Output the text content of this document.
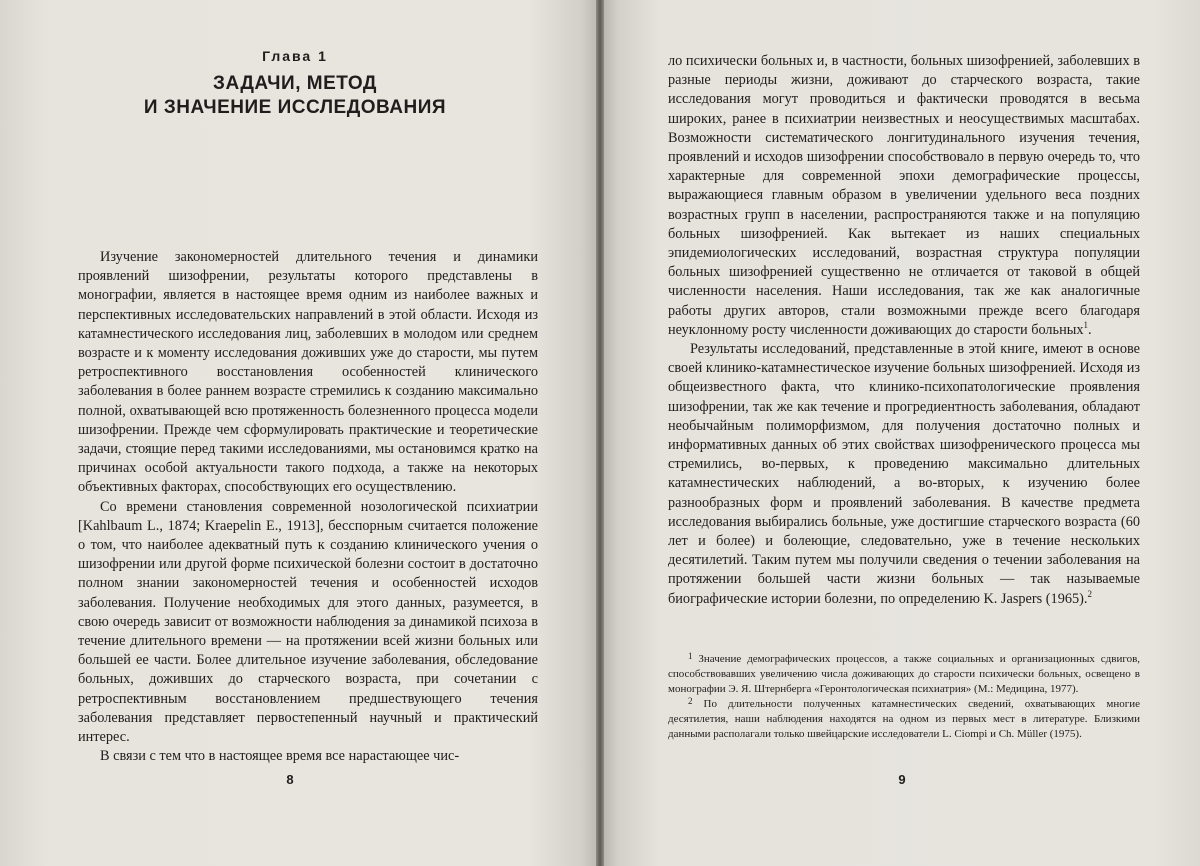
Глава 1
ЗАДАЧИ, МЕТОД
И ЗНАЧЕНИЕ ИССЛЕДОВАНИЯ

Изучение закономерностей длительного течения и динамики проявлений шизофрении, результаты которого представлены в монографии, является в настоящее время одним из наиболее важных и перспективных исследовательских направлений в этой области. Исходя из катамнестического исследования лиц, заболевших в молодом или среднем возрасте и к моменту исследования доживших уже до старости, мы путем ретроспективного восстановления особенностей клинического заболевания в более раннем возрасте стремились к созданию максимально полной, охватывающей всю протяженность болезненного процесса модели шизофрении. Прежде чем сформулировать практические и теоретические задачи, стоящие перед такими исследованиями, мы остановимся кратко на причинах особой актуальности такого подхода, а также на некоторых объективных факторах, способствующих его осуществлению.

Со времени становления современной нозологической психиатрии [Kahlbaum L., 1874; Kraepelin E., 1913], бесспорным считается положение о том, что наиболее адекватный путь к созданию клинического учения о шизофрении или другой форме психической болезни состоит в достаточно полном знании закономерностей течения и особенностей исходов заболевания. Получение необходимых для этого данных, разумеется, в свою очередь зависит от возможности наблюдения за динамикой психоза в течение длительного времени — на протяжении всей жизни больных или большей ее части. Более длительное изучение заболевания, обследование больных, доживших до старческого возраста, при сочетании с ретроспективным восстановлением предшествующего течения заболевания представляет первостепенный научный и практический интерес.

В связи с тем что в настоящее время все нарастающее чис-

8

ло психически больных и, в частности, больных шизофренией, заболевших в разные периоды жизни, доживают до старческого возраста, такие исследования могут проводиться и фактически проводятся в весьма широких, ранее в психиатрии неизвестных и неосуществимых масштабах. Возможности систематического лонгитудинального изучения течения, проявлений и исходов шизофрении способствовало в первую очередь то, что характерные для современной эпохи демографические процессы, выражающиеся главным образом в увеличении удельного веса поздних возрастных групп в населении, распространяются также и на популяцию больных шизофренией. Как вытекает из наших специальных эпидемиологических исследований, возрастная структура популяции больных шизофренией существенно не отличается от таковой в общей численности населения. Наши исследования, так же как аналогичные работы других авторов, стали возможными прежде всего благодаря неуклонному росту численности доживающих до старости больных$^1$.

Результаты исследований, представленные в этой книге, имеют в основе своей клинико-катамнестическое изучение больных шизофренией. Исходя из общеизвестного факта, что клинико-психопатологические проявления шизофрении, так же как течение и прогредиентность заболевания, обладают необычайным полиморфизмом, для получения достаточно полных и информативных данных об этих свойствах шизофренического процесса мы стремились, во-первых, к проведению максимально длительных катамнестических наблюдений, а во-вторых, к изучению более разнообразных форм и проявлений заболевания. В качестве предмета исследования выбирались больные, уже достигшие старческого возраста (60 лет и более) и болеющие, следовательно, уже в течение нескольких десятилетий. Таким путем мы получили сведения о течении заболевания на протяжении большей части жизни больных — так называемые биографические истории болезни, по определению K. Jaspers (1965).$^2$

$^1$ Значение демографических процессов, а также социальных и организационных сдвигов, способствовавших увеличению числа доживающих до старости психически больных, освещено в монографии Э. Я. Штернберга «Геронтологическая психиатрия» (М.: Медицина, 1977).

$^2$ По длительности полученных катамнестических сведений, охватывающих многие десятилетия, наши наблюдения находятся на одном из первых мест в литературе. Близкими данными располагали только швейцарские исследователи L. Ciompi и Ch. Müller (1975).

9
